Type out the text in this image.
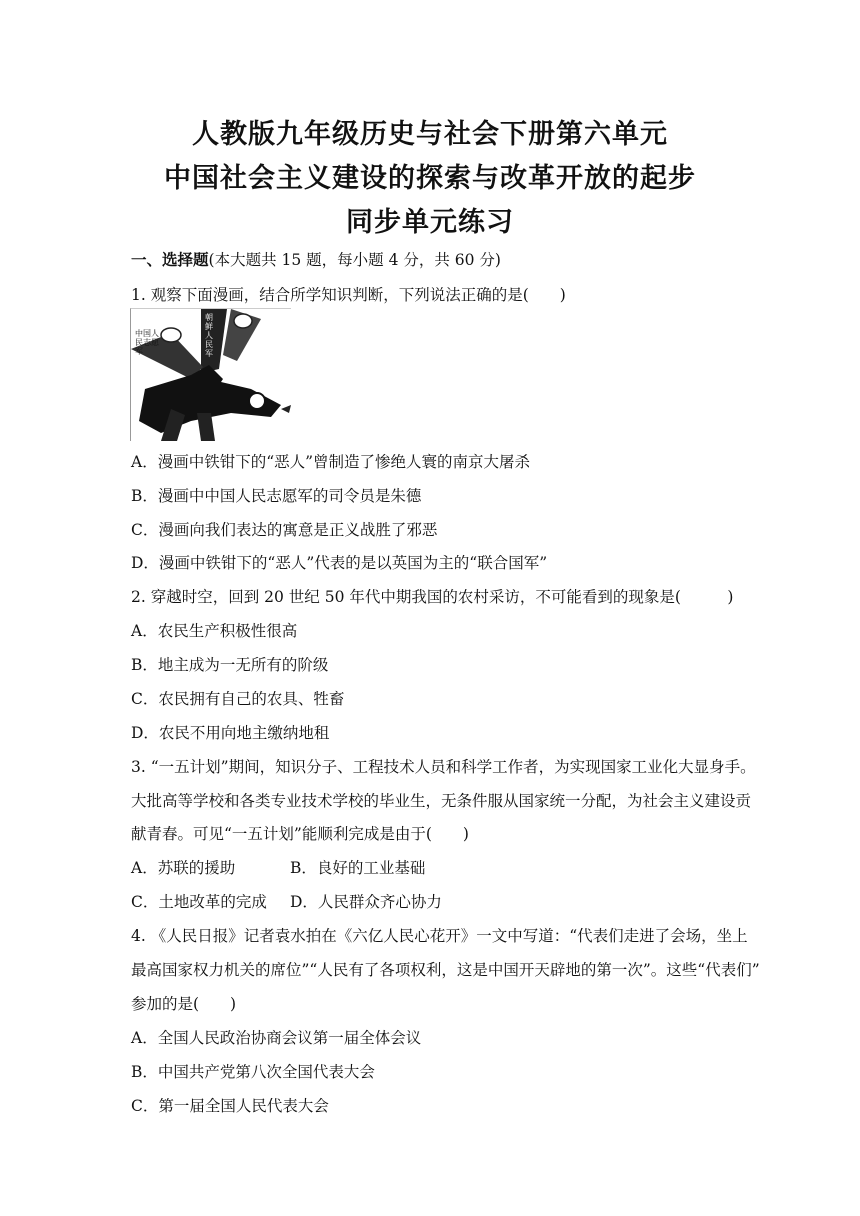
人教版九年级历史与社会下册第六单元
中国社会主义建设的探索与改革开放的起步
同步单元练习
一、选择题(本大题共 15 题，每小题 4 分，共 60 分)
1. 观察下面漫画，结合所学知识判断，下列说法正确的是(　　)
中国人民志愿军
朝鲜人民军
A．漫画中铁钳下的“恶人”曾制造了惨绝人寰的南京大屠杀
B．漫画中中国人民志愿军的司令员是朱德
C．漫画向我们表达的寓意是正义战胜了邪恶
D．漫画中铁钳下的“恶人”代表的是以英国为主的“联合国军”
2. 穿越时空，回到 20 世纪 50 年代中期我国的农村采访，不可能看到的现象是(　　　)
A．农民生产积极性很高
B．地主成为一无所有的阶级
C．农民拥有自己的农具、牲畜
D．农民不用向地主缴纳地租
3. “一五计划”期间，知识分子、工程技术人员和科学工作者，为实现国家工业化大显身手。
大批高等学校和各类专业技术学校的毕业生，无条件服从国家统一分配，为社会主义建设贡
献青春。可见“一五计划”能顺利完成是由于(　　)
A．苏联的援助	B．良好的工业基础
C．土地改革的完成 D．人民群众齐心协力
4. 《人民日报》记者袁水拍在《六亿人民心花开》一文中写道：“代表们走进了会场，坐上
最高国家权力机关的席位”“人民有了各项权利，这是中国开天辟地的第一次”。这些“代表们”
参加的是(　　)
A．全国人民政治协商会议第一届全体会议
B．中国共产党第八次全国代表大会
C．第一届全国人民代表大会
